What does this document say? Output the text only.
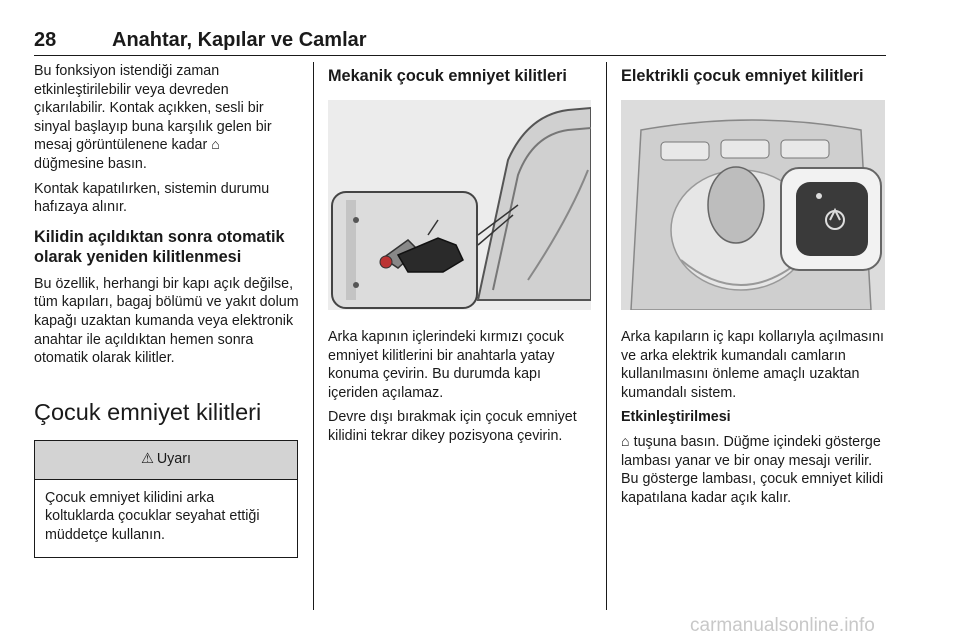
28	Anahtar, Kapılar ve Camlar

Bu fonksiyon istendiği zaman etkinleştirilebilir veya devreden çıkarılabilir. Kontak açıkken, sesli bir sinyal başlayıp buna karşılık gelen bir mesaj görüntülenene kadar ⌂
düğmesine basın.

Kontak kapatılırken, sistemin durumu hafızaya alınır.

Kilidin açıldıktan sonra otomatik olarak yeniden kilitlenmesi

Bu özellik, herhangi bir kapı açık değilse, tüm kapıları, bagaj bölümü ve yakıt dolum kapağı uzaktan kumanda veya elektronik anahtar ile açıldıktan hemen sonra otomatik olarak kilitler.

Çocuk emniyet kilitleri
⚠ Uyarı
Çocuk emniyet kilidini arka koltuklarda çocuklar seyahat ettiği müddetçe kullanın.
Mekanik çocuk emniyet kilitleri

Arka kapının içlerindeki kırmızı çocuk emniyet kilitlerini bir anahtarla yatay konuma çevirin. Bu durumda kapı içeriden açılamaz.

Devre dışı bırakmak için çocuk emniyet kilidini tekrar dikey pozisyona çevirin.

Elektrikli çocuk emniyet kilitleri

Arka kapıların iç kapı kollarıyla açılmasını ve arka elektrik kumandalı camların kullanılmasını önleme amaçlı uzaktan kumandalı sistem.

Etkinleştirilmesi

⌂ tuşuna basın. Düğme içindeki gösterge lambası yanar ve bir onay mesajı verilir. Bu gösterge lambası, çocuk emniyet kilidi kapatılana kadar açık kalır.

carmanualsonline.info
